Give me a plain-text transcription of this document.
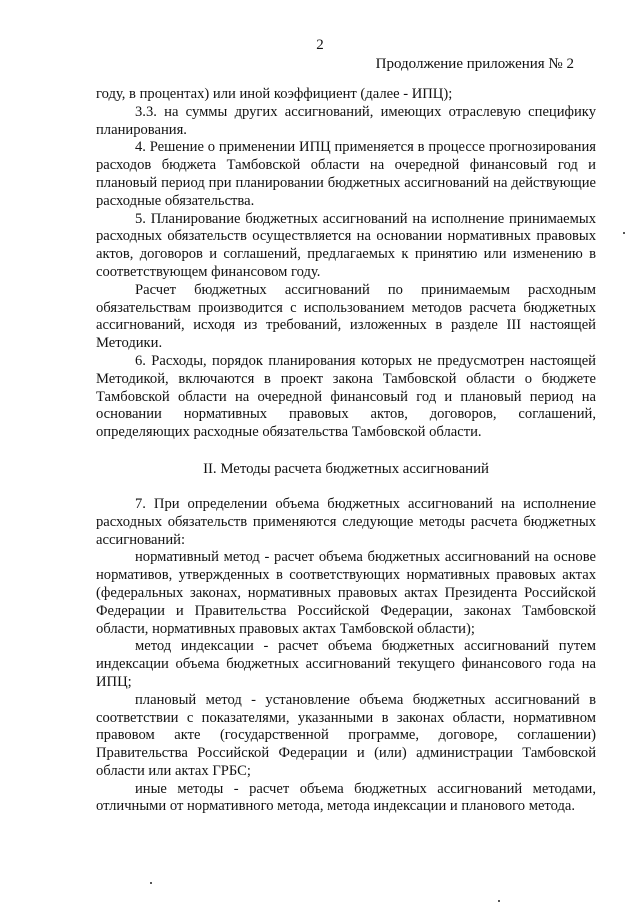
2
Продолжение приложения № 2

году, в процентах) или иной коэффициент (далее - ИПЦ);

3.3. на суммы других ассигнований, имеющих отраслевую специфику планирования.

4. Решение о применении ИПЦ применяется в процессе прогнозирования расходов бюджета Тамбовской области на очередной финансовый год и плановый период при планировании бюджетных ассигнований на действующие расходные обязательства.

5. Планирование бюджетных ассигнований на исполнение принимаемых расходных обязательств осуществляется на основании нормативных правовых актов, договоров и соглашений, предлагаемых к принятию или изменению в соответствующем финансовом году.

Расчет бюджетных ассигнований по принимаемым расходным обязательствам производится с использованием методов расчета бюджетных ассигнований, исходя из требований, изложенных в разделе III настоящей Методики.

6. Расходы, порядок планирования которых не предусмотрен настоящей Методикой, включаются в проект закона Тамбовской области о бюджете Тамбовской области на очередной финансовый год и плановый период на основании нормативных правовых актов, договоров, соглашений, определяющих расходные обязательства Тамбовской области.

II. Методы расчета бюджетных ассигнований

7. При определении объема бюджетных ассигнований на исполнение расходных обязательств применяются следующие методы расчета бюджетных ассигнований:

нормативный метод - расчет объема бюджетных ассигнований на основе нормативов, утвержденных в соответствующих нормативных правовых актах (федеральных законах, нормативных правовых актах Президента Российской Федерации и Правительства Российской Федерации, законах Тамбовской области, нормативных правовых актах Тамбовской области);

метод индексации - расчет объема бюджетных ассигнований путем индексации объема бюджетных ассигнований текущего финансового года на ИПЦ;

плановый метод - установление объема бюджетных ассигнований в соответствии с показателями, указанными в законах области, нормативном правовом акте (государственной программе, договоре, соглашении) Правительства Российской Федерации и (или) администрации Тамбовской области или актах ГРБС;

иные методы - расчет объема бюджетных ассигнований методами, отличными от нормативного метода, метода индексации и планового метода.
